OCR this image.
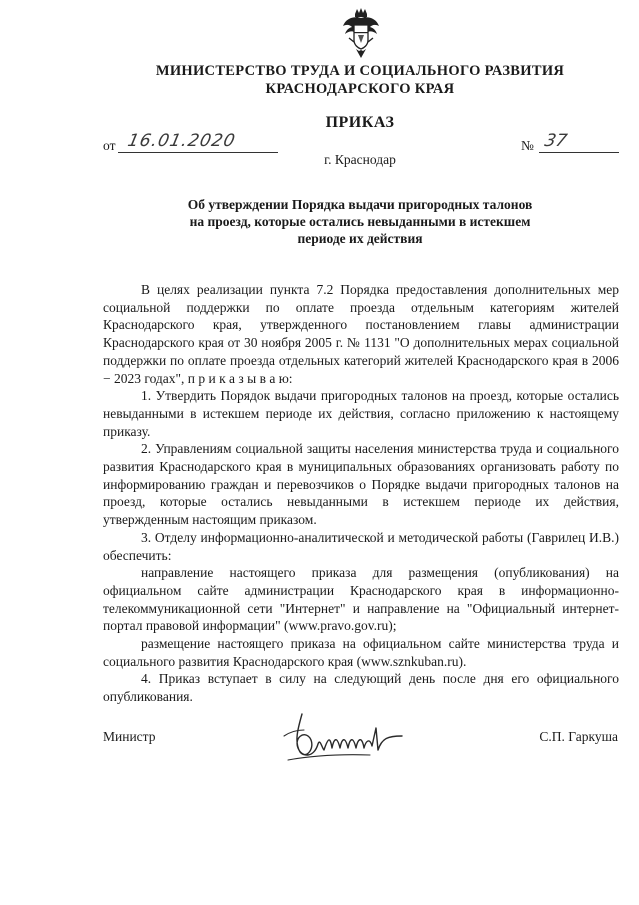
МИНИСТЕРСТВО ТРУДА И СОЦИАЛЬНОГО РАЗВИТИЯ
КРАСНОДАРСКОГО КРАЯ
ПРИКАЗ
от 16.01.2020	№ 37
г. Краснодар
Об утверждении Порядка выдачи пригородных талонов
на проезд, которые остались невыданными в истекшем
периоде их действия

В целях реализации пункта 7.2 Порядка предоставления дополнительных мер социальной поддержки по оплате проезда отдельным категориям жителей Краснодарского края, утвержденного постановлением главы администрации Краснодарского края от 30 ноября 2005 г. № 1131 "О дополнительных мерах социальной поддержки по оплате проезда отдельных категорий жителей Краснодарского края в 2006 − 2023 годах", п р и к а з ы в а ю:

1. Утвердить Порядок выдачи пригородных талонов на проезд, которые остались невыданными в истекшем периоде их действия, согласно приложению к настоящему приказу.

2. Управлениям социальной защиты населения министерства труда и социального развития Краснодарского края в муниципальных образованиях организовать работу по информированию граждан и перевозчиков о Порядке выдачи пригородных талонов на проезд, которые остались невыданными в истекшем периоде их действия, утвержденным настоящим приказом.

3. Отделу информационно-аналитической и методической работы (Гаврилец И.В.) обеспечить:

направление настоящего приказа для размещения (опубликования) на официальном сайте администрации Краснодарского края в информационно-телекоммуникационной сети "Интернет" и направление на "Официальный интернет-портал правовой информации" (www.pravo.gov.ru);

размещение настоящего приказа на официальном сайте министерства труда и социального развития Краснодарского края (www.sznkuban.ru).

4. Приказ вступает в силу на следующий день после дня его официального опубликования.

Министр	С.П. Гаркуша
